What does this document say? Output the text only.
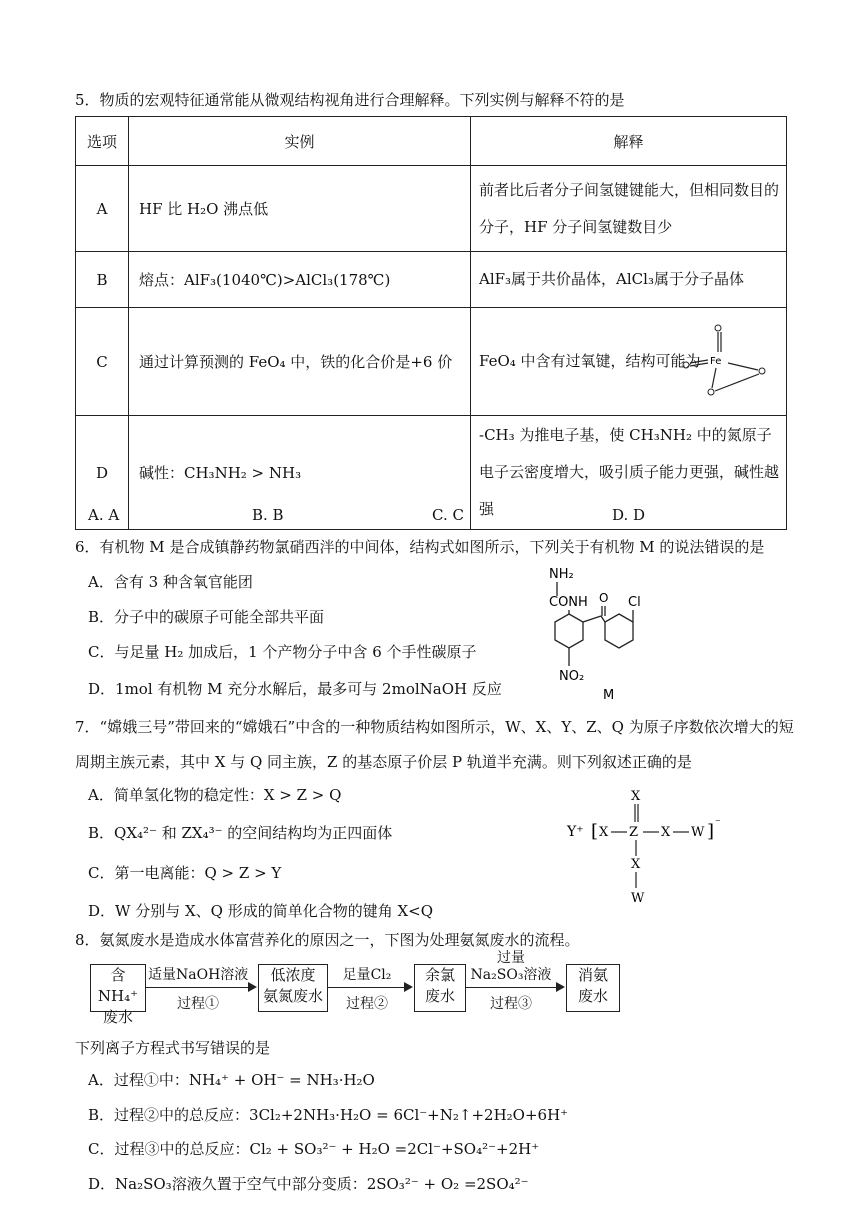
5．物质的宏观特征通常能从微观结构视角进行合理解释。下列实例与解释不符的是
选项	实例	解释
A	HF 比 H₂O 沸点低	前者比后者分子间氢键键能大，但相同数目的分子，HF 分子间氢键数目少
B	熔点：AlF₃(1040℃)>AlCl₃(178℃)	AlF₃属于共价晶体，AlCl₃属于分子晶体
C	通过计算预测的 FeO₄ 中，铁的化合价是+6 价	FeO₄ 中含有过氧键，结构可能为 Fe

D	碱性：CH₃NH₂ > NH₃	-CH₃ 为推电子基，使 CH₃NH₂ 中的氮原子电子云密度增大，吸引质子能力更强，碱性越强
A. A	B. B	C. C	D. D
6．有机物 M 是合成镇静药物氯硝西泮的中间体，结构式如图所示，下列关于有机物 M 的说法错误的是
A．含有 3 种含氧官能团
B．分子中的碳原子可能全部共平面
C．与足量 H₂ 加成后，1 个产物分子中含 6 个手性碳原子
D．1mol 有机物 M 充分水解后，最多可与 2molNaOH 反应
NH₂
CONH O Cl
NO₂
M
7．“嫦娥三号”带回来的“嫦娥石”中含的一种物质结构如图所示，W、X、Y、Z、Q 为原子序数依次增大的短
周期主族元素，其中 X 与 Q 同主族，Z 的基态原子价层 P 轨道半充满。则下列叙述正确的是
A．简单氢化物的稳定性：X > Z > Q
B．QX₄²⁻ 和 ZX₄³⁻ 的空间结构均为正四面体
C．第一电离能：Q > Z > Y
D．W 分别与 X、Q 形成的简单化合物的键角 X<Q
X
Y⁺ [ X Z X W ] ⁻
X
W
8．氨氮废水是造成水体富营养化的原因之一，下图为处理氨氮废水的流程。
含NH₄⁺
废水
低浓度
氨氮废水
余氯
废水
消氨
废水
适量NaOH溶液
过程①
足量Cl₂
过程②
过量
Na₂SO₃溶液
过程③
下列离子方程式书写错误的是
A．过程①中：NH₄⁺ + OH⁻ = NH₃·H₂O
B．过程②中的总反应：3Cl₂+2NH₃·H₂O = 6Cl⁻+N₂↑+2H₂O+6H⁺
C．过程③中的总反应：Cl₂ + SO₃²⁻ + H₂O =2Cl⁻+SO₄²⁻+2H⁺
D．Na₂SO₃溶液久置于空气中部分变质：2SO₃²⁻ + O₂ =2SO₄²⁻
